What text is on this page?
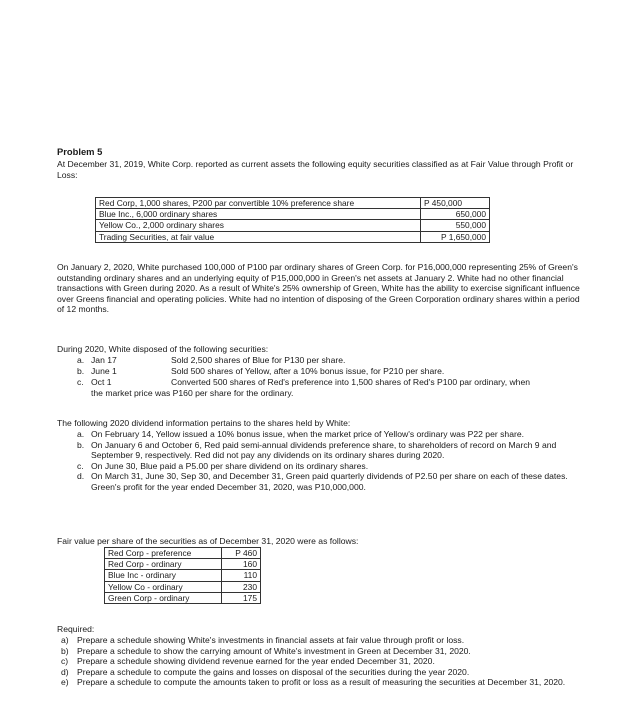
Problem 5

At December 31, 2019, White Corp. reported as current assets the following equity securities classified as at Fair Value through Profit or Loss:

Red Corp, 1,000 shares, P200 par convertible 10% preference share	P 450,000
Blue Inc., 6,000 ordinary shares	650,000
Yellow Co., 2,000 ordinary shares	550,000
Trading Securities, at fair value	P 1,650,000

On January 2, 2020, White purchased 100,000 of P100 par ordinary shares of Green Corp. for P16,000,000 representing 25% of Green's outstanding ordinary shares and an underlying equity of P15,000,000 in Green's net assets at January 2. White had no other financial transactions with Green during 2020. As a result of White's 25% ownership of Green, White has the ability to exercise significant influence over Greens financial and operating policies. White had no intention of disposing of the Green Corporation ordinary shares within a period of 12 months.

During 2020, White disposed of the following securities:

a. Jan 17	Sold 2,500 shares of Blue for P130 per share.
b. June 1	Sold 500 shares of Yellow, after a 10% bonus issue, for P210 per share.
c. Oct 1	Converted 500 shares of Red's preference into 1,500 shares of Red's P100 par ordinary, when the market price was P160 per share for the ordinary.

The following 2020 dividend information pertains to the shares held by White:

a. On February 14, Yellow issued a 10% bonus issue, when the market price of Yellow's ordinary was P22 per share.
b. On January 6 and October 6, Red paid semi-annual dividends preference share, to shareholders of record on March 9 and September 9, respectively. Red did not pay any dividends on its ordinary shares during 2020.
c. On June 30, Blue paid a P5.00 per share dividend on its ordinary shares.
d. On March 31, June 30, Sep 30, and December 31, Green paid quarterly dividends of P2.50 per share on each of these dates. Green's profit for the year ended December 31, 2020, was P10,000,000.

Fair value per share of the securities as of December 31, 2020 were as follows:

Red Corp - preference	P 460
Red Corp - ordinary	160
Blue Inc - ordinary	110
Yellow Co - ordinary	230
Green Corp - ordinary	175

Required:

a) Prepare a schedule showing White's investments in financial assets at fair value through profit or loss.
b) Prepare a schedule to show the carrying amount of White's investment in Green at December 31, 2020.
c) Prepare a schedule showing dividend revenue earned for the year ended December 31, 2020.
d) Prepare a schedule to compute the gains and losses on disposal of the securities during the year 2020.
e) Prepare a schedule to compute the amounts taken to profit or loss as a result of measuring the securities at December 31, 2020.
